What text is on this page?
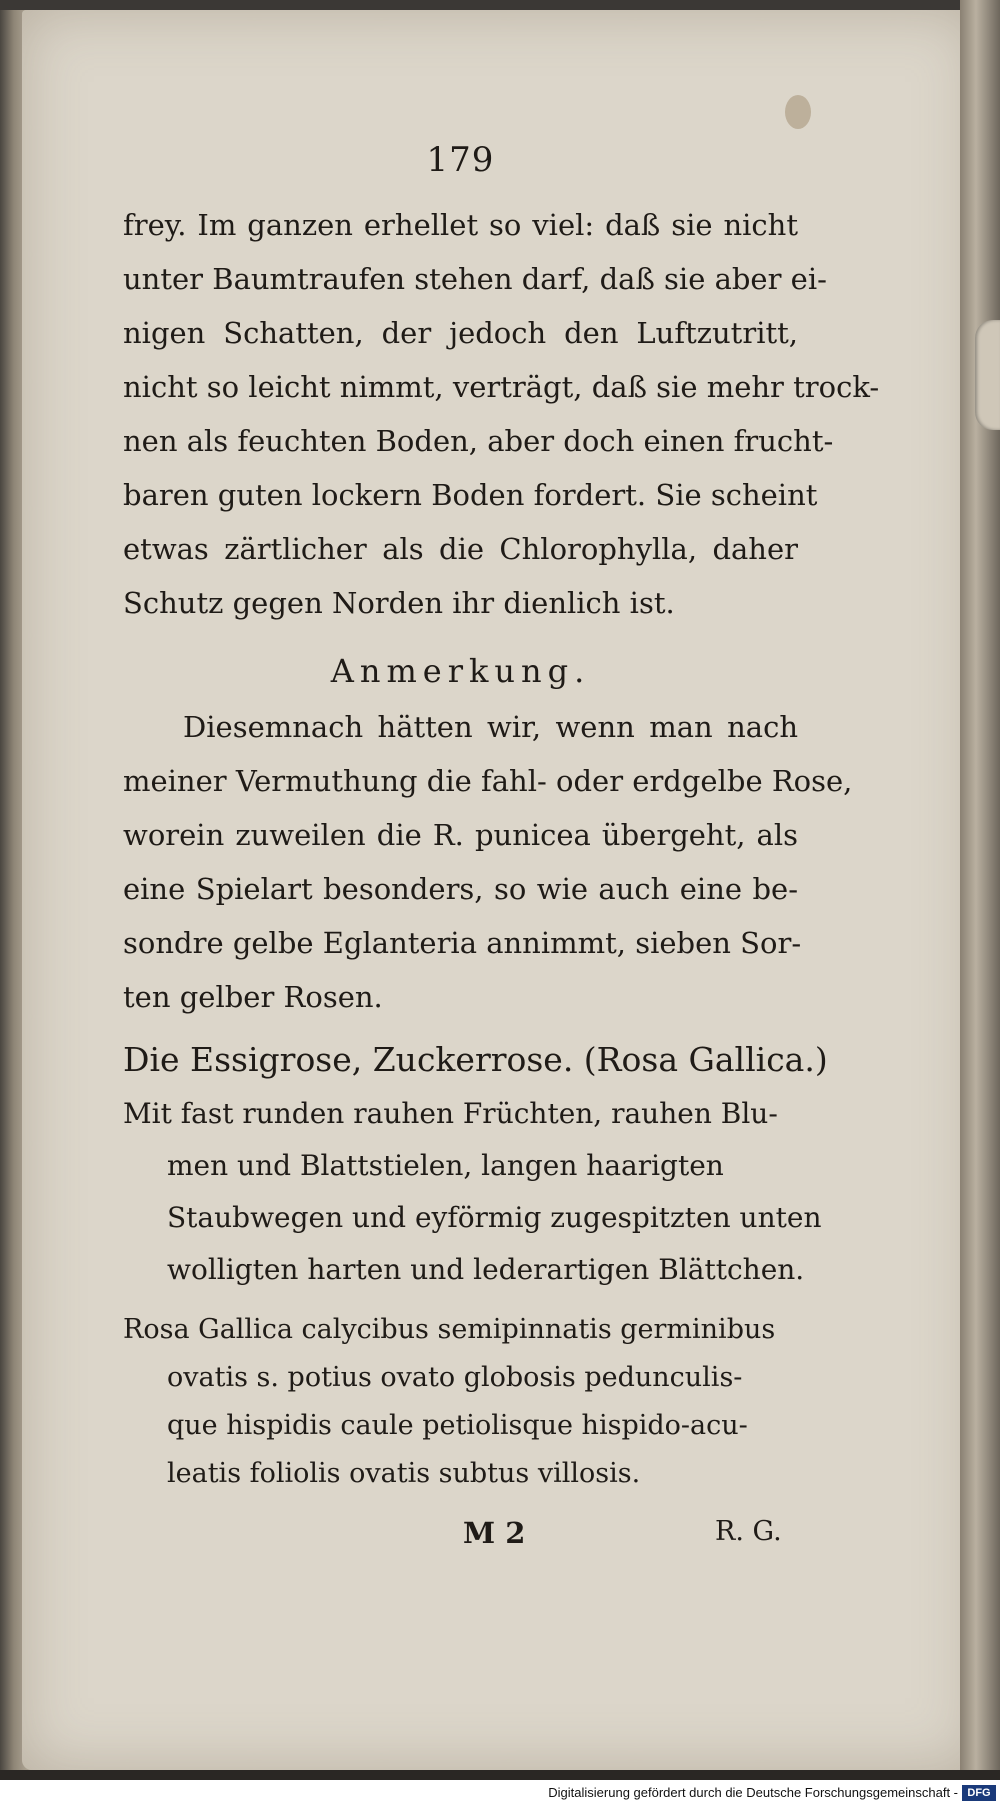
179

frey. Im ganzen erhellet so viel: daß sie nicht

unter Baumtraufen stehen darf, daß sie aber ei-

nigen Schatten, der jedoch den Luftzutritt,

nicht so leicht nimmt, verträgt, daß sie mehr trock-

nen als feuchten Boden, aber doch einen frucht-

baren guten lockern Boden fordert. Sie scheint

etwas zärtlicher als die Chlorophylla, daher

Schutz gegen Norden ihr dienlich ist.

Anmerkung.

Diesemnach hätten wir, wenn man nach

meiner Vermuthung die fahl- oder erdgelbe Rose,

worein zuweilen die R. punicea übergeht, als

eine Spielart besonders, so wie auch eine be-

sondre gelbe Eglanteria annimmt, sieben Sor-

ten gelber Rosen.

Die Essigrose, Zuckerrose. (Rosa Gallica.)

Mit fast runden rauhen Früchten, rauhen Blu-

men und Blattstielen, langen haarigten

Staubwegen und eyförmig zugespitzten unten

wolligten harten und lederartigen Blättchen.

Rosa Gallica calycibus semipinnatis germinibus

ovatis s. potius ovato globosis pedunculis-

que hispidis caule petiolisque hispido-acu-

leatis foliolis ovatis subtus villosis.

M 2	R. G.
Digitalisierung gefördert durch die Deutsche Forschungsgemeinschaft - DFG
